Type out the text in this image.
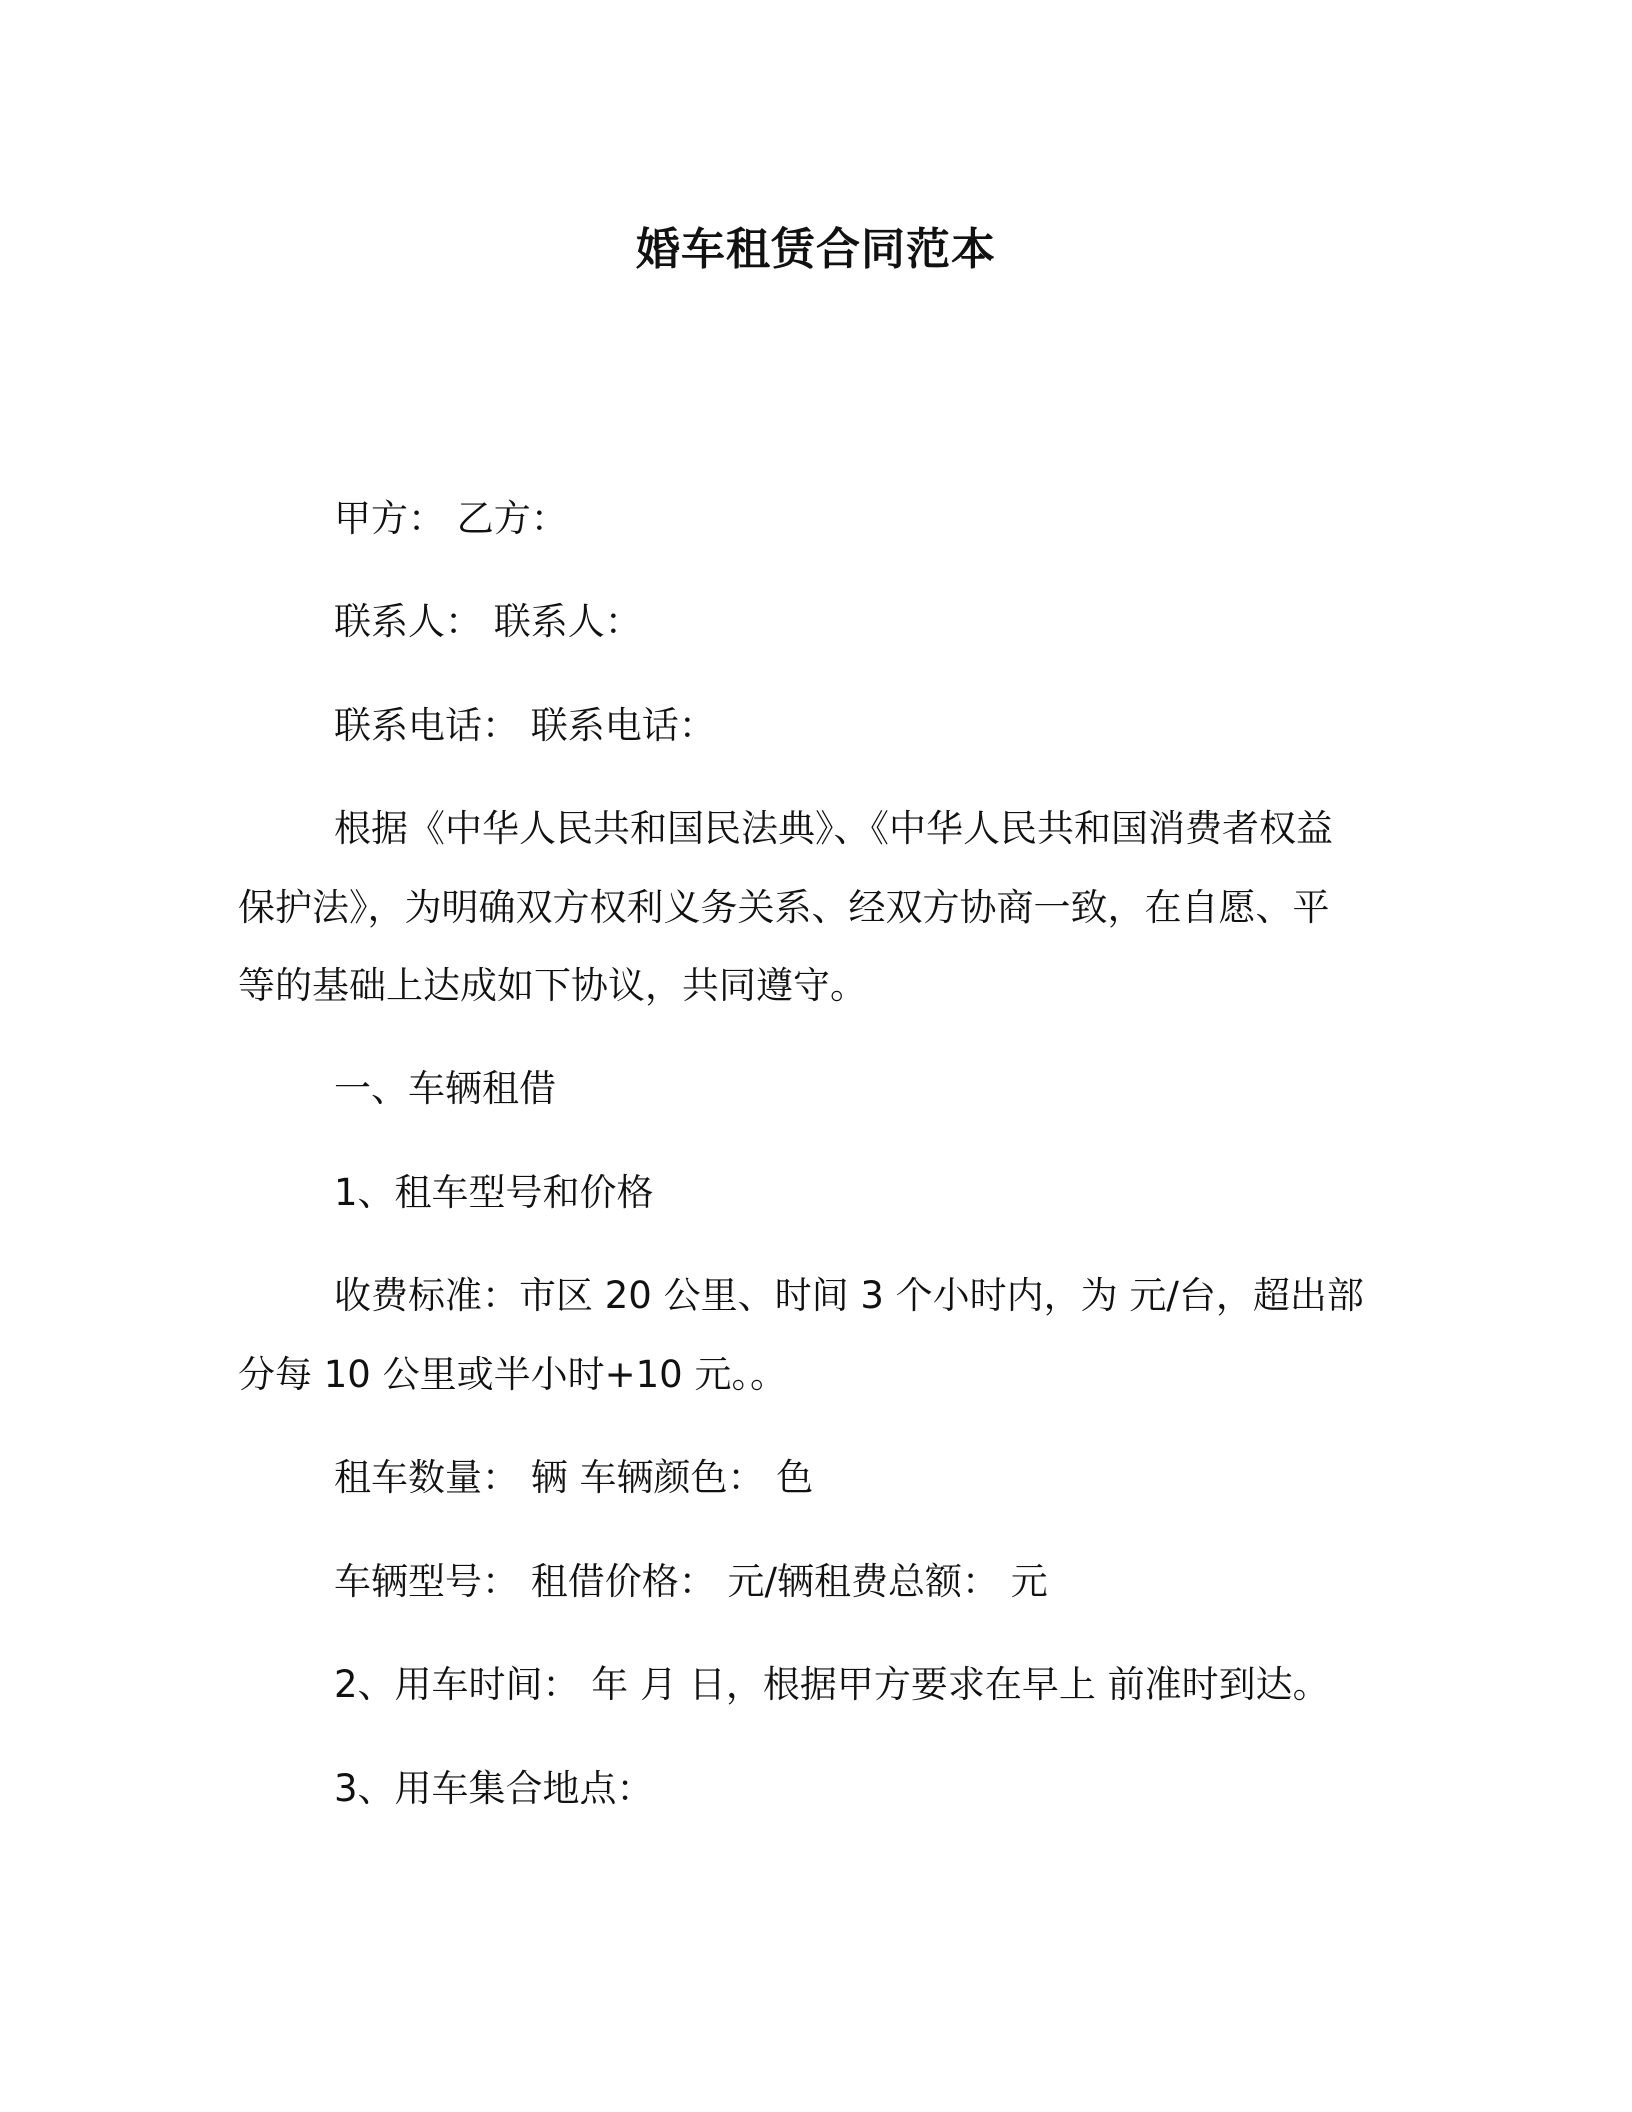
婚车租赁合同范本
甲方： 乙方：
联系人： 联系人：
联系电话： 联系电话：
根据《中华人民共和国民法典》、《中华人民共和国消费者权益
保护法》，为明确双方权利义务关系、经双方协商一致，在自愿、平
等的基础上达成如下协议，共同遵守。
一、车辆租借
1、租车型号和价格
收费标准：市区 20 公里、时间 3 个小时内，为 元/台，超出部
分每 10 公里或半小时+10 元。。
租车数量： 辆 车辆颜色： 色
车辆型号： 租借价格： 元/辆租费总额： 元
2、用车时间： 年 月 日，根据甲方要求在早上 前准时到达。
3、用车集合地点：
